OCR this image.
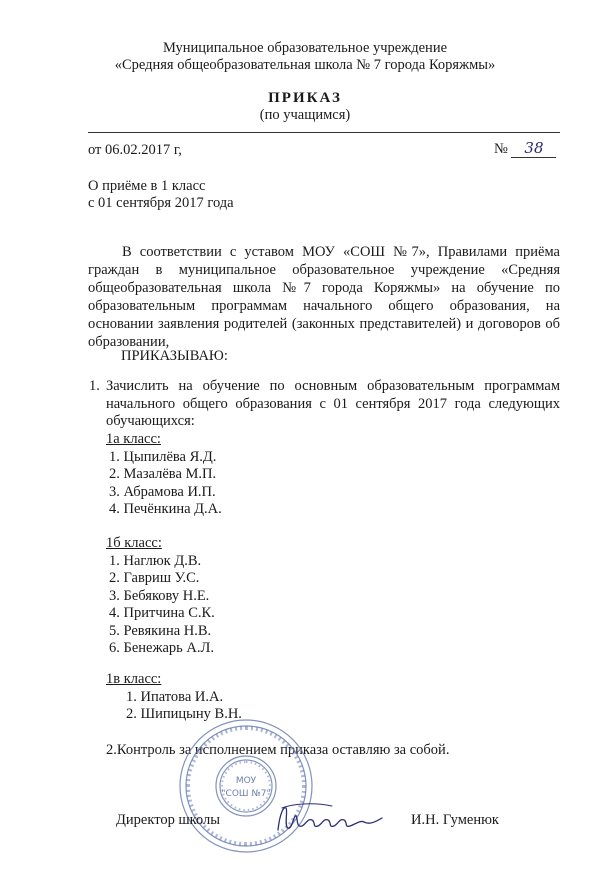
Муниципальное образовательное учреждение
«Средняя общеобразовательная школа № 7 города Коряжмы»
ПРИКАЗ
(по учащимся)
от 06.02.2017 г,	№ 38
О приёме в 1 класс
с 01 сентября 2017 года

В соответствии с уставом МОУ «СОШ №7», Правилами приёма граждан в муниципальное образовательное учреждение «Средняя общеобразовательная школа №7 города Коряжмы» на обучение по образовательным программам начального общего образования, на основании заявления родителей (законных представителей) и договоров об образовании,

ПРИКАЗЫВАЮ:
1. Зачислить на обучение по основным образовательным программам начального общего образования с 01 сентября 2017 года следующих обучающихся:

1а класс:
1. Цыпилёва Я.Д.
2. Мазалёва М.П.
3. Абрамова И.П.
4. Печёнкина Д.А.
1б класс:
1. Наглюк Д.В.
2. Гавриш У.С.
3. Бебякову Н.Е.
4. Притчина С.К.
5. Ревякина Н.В.
6. Бенежарь А.Л.
1в класс:
1. Ипатова И.А.
2. Шипицыну В.Н.
2.Контроль за исполнением приказа оставляю за собой.
МОУ
"СОШ №7"
Директор школы	И.Н. Гуменюк
